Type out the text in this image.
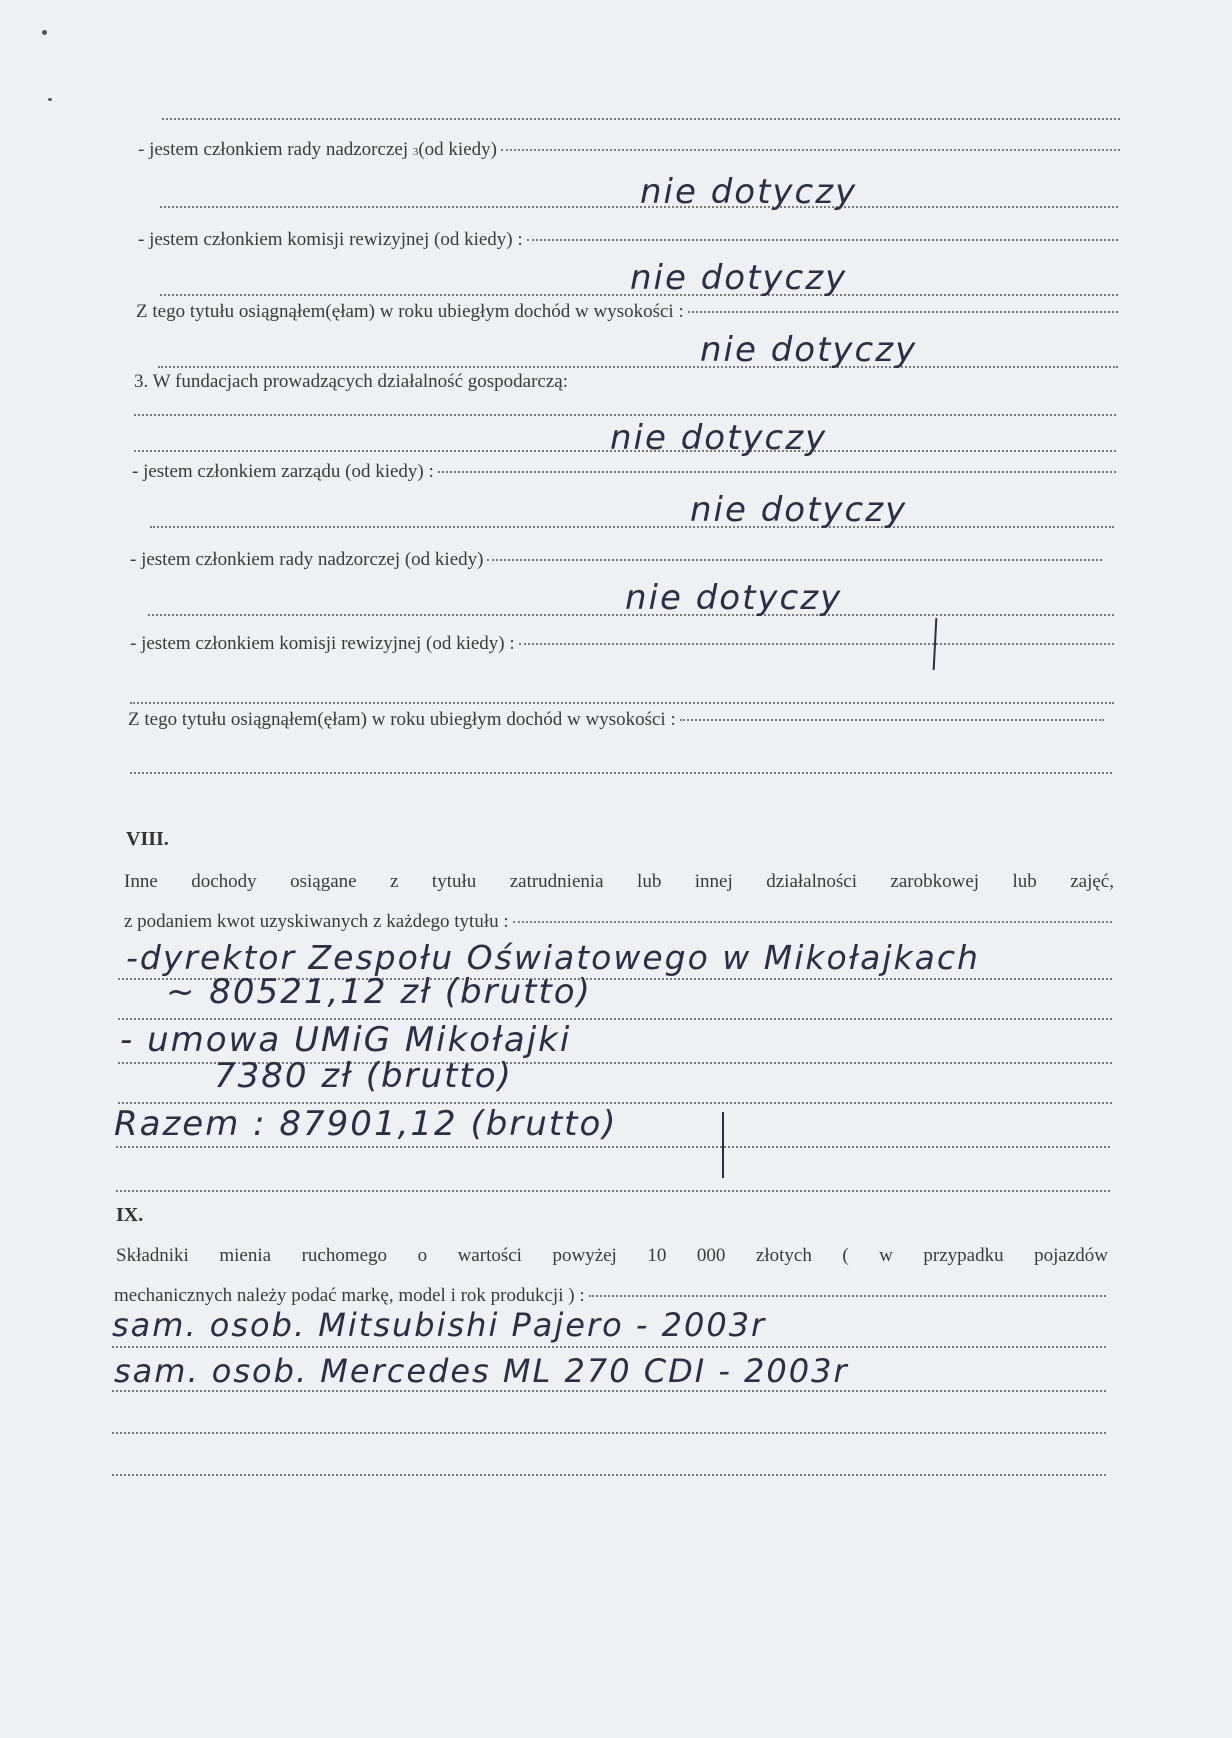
- jestem członkiem rady nadzorczej
3 (od kiedy)
nie dotyczy
- jestem członkiem komisji rewizyjnej (od kiedy) :
nie dotyczy
Z tego tytułu osiągnąłem(ęłam) w roku ubiegłym dochód w wysokości :
nie dotyczy
3. W fundacjach prowadzących działalność gospodarczą:
nie dotyczy
- jestem członkiem zarządu (od kiedy) :
nie dotyczy
- jestem członkiem rady nadzorczej (od kiedy)
nie dotyczy
- jestem członkiem komisji rewizyjnej (od kiedy) :
Z tego tytułu osiągnąłem(ęłam) w roku ubiegłym dochód w wysokości :
VIII.
Inne dochody osiągane z tytułu zatrudnienia lub innej działalności zarobkowej lub zajęć,
z podaniem kwot uzyskiwanych z każdego tytułu :
-dyrektor Zespołu Oświatowego w Mikołajkach
~ 80521,12 zł (brutto)
- umowa UMiG Mikołajki
7380 zł (brutto)
Razem : 87901,12 (brutto)
IX.
Składniki mienia ruchomego o wartości powyżej 10 000 złotych ( w przypadku pojazdów
mechanicznych należy podać markę, model i rok produkcji ) :
sam. osob. Mitsubishi Pajero - 2003r
sam. osob. Mercedes ML 270 CDI - 2003r
